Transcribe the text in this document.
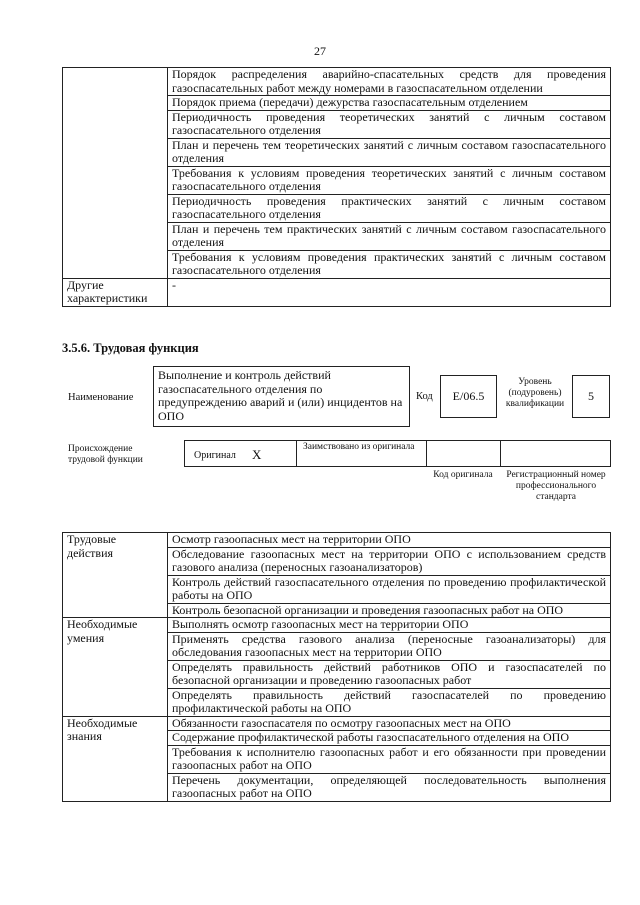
27
	Порядок распределения аварийно-спасательных средств для проведения газоспасательных работ между номерами в газоспасательном отделении
	Порядок приема (передачи) дежурства газоспасательным отделением
	Периодичность проведения теоретических занятий с личным составом газоспасательного отделения
	План и перечень тем теоретических занятий с личным составом газоспасательного отделения
	Требования к условиям проведения теоретических занятий с личным составом газоспасательного отделения
	Периодичность проведения практических занятий с личным составом газоспасательного отделения
	План и перечень тем практических занятий с личным составом газоспасательного отделения
	Требования к условиям проведения практических занятий с личным составом газоспасательного отделения
Другие характеристики	-
3.5.6. Трудовая функция
Наименование
Выполнение и контроль действий газоспасательного отделения по предупреждению аварий и (или) инцидентов на ОПО
Код	E/06.5
Уровень (подуровень) квалификации
5
Происхождение трудовой функции	Оригинал X	Заимствовано из оригинала
Код оригинала Регистрационный номер профессионального стандарта
Трудовые действия	Осмотр газоопасных мест на территории ОПО
	Обследование газоопасных мест на территории ОПО с использованием средств газового анализа (переносных газоанализаторов)
	Контроль действий газоспасательного отделения по проведению профилактической работы на ОПО
	Контроль безопасной организации и проведения газоопасных работ на ОПО
Необходимые умения	Выполнять осмотр газоопасных мест на территории ОПО
	Применять средства газового анализа (переносные газоанализаторы) для обследования газоопасных мест на территории ОПО
	Определять правильность действий работников ОПО и газоспасателей по безопасной организации и проведению газоопасных работ
	Определять правильность действий газоспасателей по проведению профилактической работы на ОПО
Необходимые знания	Обязанности газоспасателя по осмотру газоопасных мест на ОПО
	Содержание профилактической работы газоспасательного отделения на ОПО
	Требования к исполнителю газоопасных работ и его обязанности при проведении газоопасных работ на ОПО
	Перечень документации, определяющей последовательность выполнения газоопасных работ на ОПО
